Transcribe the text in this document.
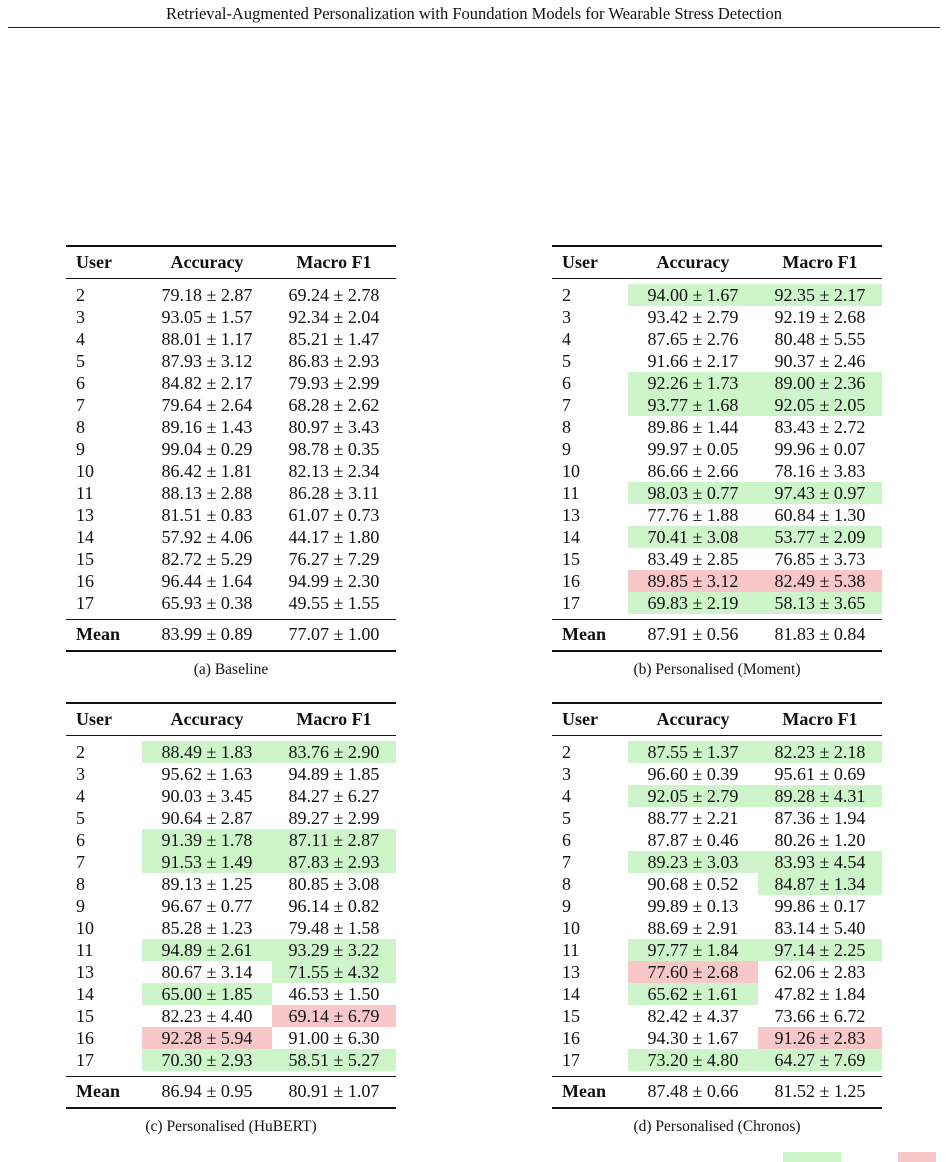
Retrieval-Augmented Personalization with Foundation Models for Wearable Stress Detection
User	Accuracy	Macro F1
2	79.18 ± 2.87	69.24 ± 2.78
3	93.05 ± 1.57	92.34 ± 2.04
4	88.01 ± 1.17	85.21 ± 1.47
5	87.93 ± 3.12	86.83 ± 2.93
6	84.82 ± 2.17	79.93 ± 2.99
7	79.64 ± 2.64	68.28 ± 2.62
8	89.16 ± 1.43	80.97 ± 3.43
9	99.04 ± 0.29	98.78 ± 0.35
10	86.42 ± 1.81	82.13 ± 2.34
11	88.13 ± 2.88	86.28 ± 3.11
13	81.51 ± 0.83	61.07 ± 0.73
14	57.92 ± 4.06	44.17 ± 1.80
15	82.72 ± 5.29	76.27 ± 7.29
16	96.44 ± 1.64	94.99 ± 2.30
17	65.93 ± 0.38	49.55 ± 1.55
Mean	83.99 ± 0.89	77.07 ± 1.00
(a) Baseline
User	Accuracy	Macro F1
2	94.00 ± 1.67	92.35 ± 2.17
3	93.42 ± 2.79	92.19 ± 2.68
4	87.65 ± 2.76	80.48 ± 5.55
5	91.66 ± 2.17	90.37 ± 2.46
6	92.26 ± 1.73	89.00 ± 2.36
7	93.77 ± 1.68	92.05 ± 2.05
8	89.86 ± 1.44	83.43 ± 2.72
9	99.97 ± 0.05	99.96 ± 0.07
10	86.66 ± 2.66	78.16 ± 3.83
11	98.03 ± 0.77	97.43 ± 0.97
13	77.76 ± 1.88	60.84 ± 1.30
14	70.41 ± 3.08	53.77 ± 2.09
15	83.49 ± 2.85	76.85 ± 3.73
16	89.85 ± 3.12	82.49 ± 5.38
17	69.83 ± 2.19	58.13 ± 3.65
Mean	87.91 ± 0.56	81.83 ± 0.84
(b) Personalised (Moment)
User	Accuracy	Macro F1
2	88.49 ± 1.83	83.76 ± 2.90
3	95.62 ± 1.63	94.89 ± 1.85
4	90.03 ± 3.45	84.27 ± 6.27
5	90.64 ± 2.87	89.27 ± 2.99
6	91.39 ± 1.78	87.11 ± 2.87
7	91.53 ± 1.49	87.83 ± 2.93
8	89.13 ± 1.25	80.85 ± 3.08
9	96.67 ± 0.77	96.14 ± 0.82
10	85.28 ± 1.23	79.48 ± 1.58
11	94.89 ± 2.61	93.29 ± 3.22
13	80.67 ± 3.14	71.55 ± 4.32
14	65.00 ± 1.85	46.53 ± 1.50
15	82.23 ± 4.40	69.14 ± 6.79
16	92.28 ± 5.94	91.00 ± 6.30
17	70.30 ± 2.93	58.51 ± 5.27
Mean	86.94 ± 0.95	80.91 ± 1.07
(c) Personalised (HuBERT)
User	Accuracy	Macro F1
2	87.55 ± 1.37	82.23 ± 2.18
3	96.60 ± 0.39	95.61 ± 0.69
4	92.05 ± 2.79	89.28 ± 4.31
5	88.77 ± 2.21	87.36 ± 1.94
6	87.87 ± 0.46	80.26 ± 1.20
7	89.23 ± 3.03	83.93 ± 4.54
8	90.68 ± 0.52	84.87 ± 1.34
9	99.89 ± 0.13	99.86 ± 0.17
10	88.69 ± 2.91	83.14 ± 5.40
11	97.77 ± 1.84	97.14 ± 2.25
13	77.60 ± 2.68	62.06 ± 2.83
14	65.62 ± 1.61	47.82 ± 1.84
15	82.42 ± 4.37	73.66 ± 6.72
16	94.30 ± 1.67	91.26 ± 2.83
17	73.20 ± 4.80	64.27 ± 7.69
Mean	87.48 ± 0.66	81.52 ± 1.25
(d) Personalised (Chronos)
